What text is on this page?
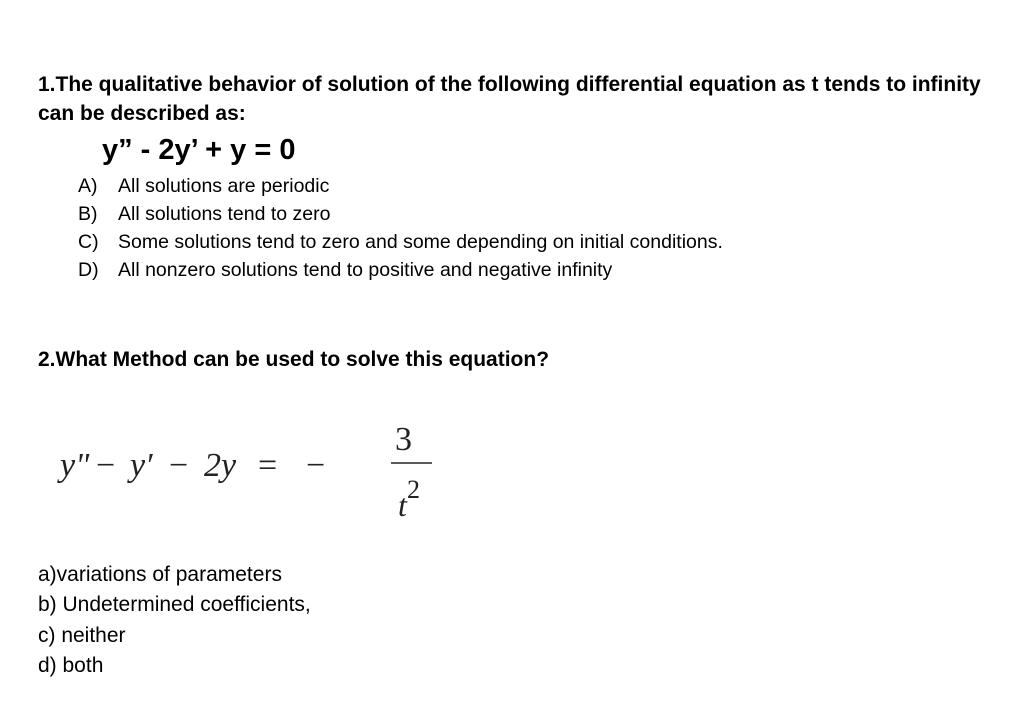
1.The qualitative behavior of solution of the following differential equation as t tends to infinity can be described as:
y” - 2y’ + y = 0
A) All solutions are periodic
B) All solutions tend to zero
C) Some solutions tend to zero and some depending on initial conditions.
D) All nonzero solutions tend to positive and negative infinity
2.What Method can be used to solve this equation?
y" − y′ − 2y = −
3
t 2
a)variations of parameters
b) Undetermined coefficients,
c) neither
d) both
